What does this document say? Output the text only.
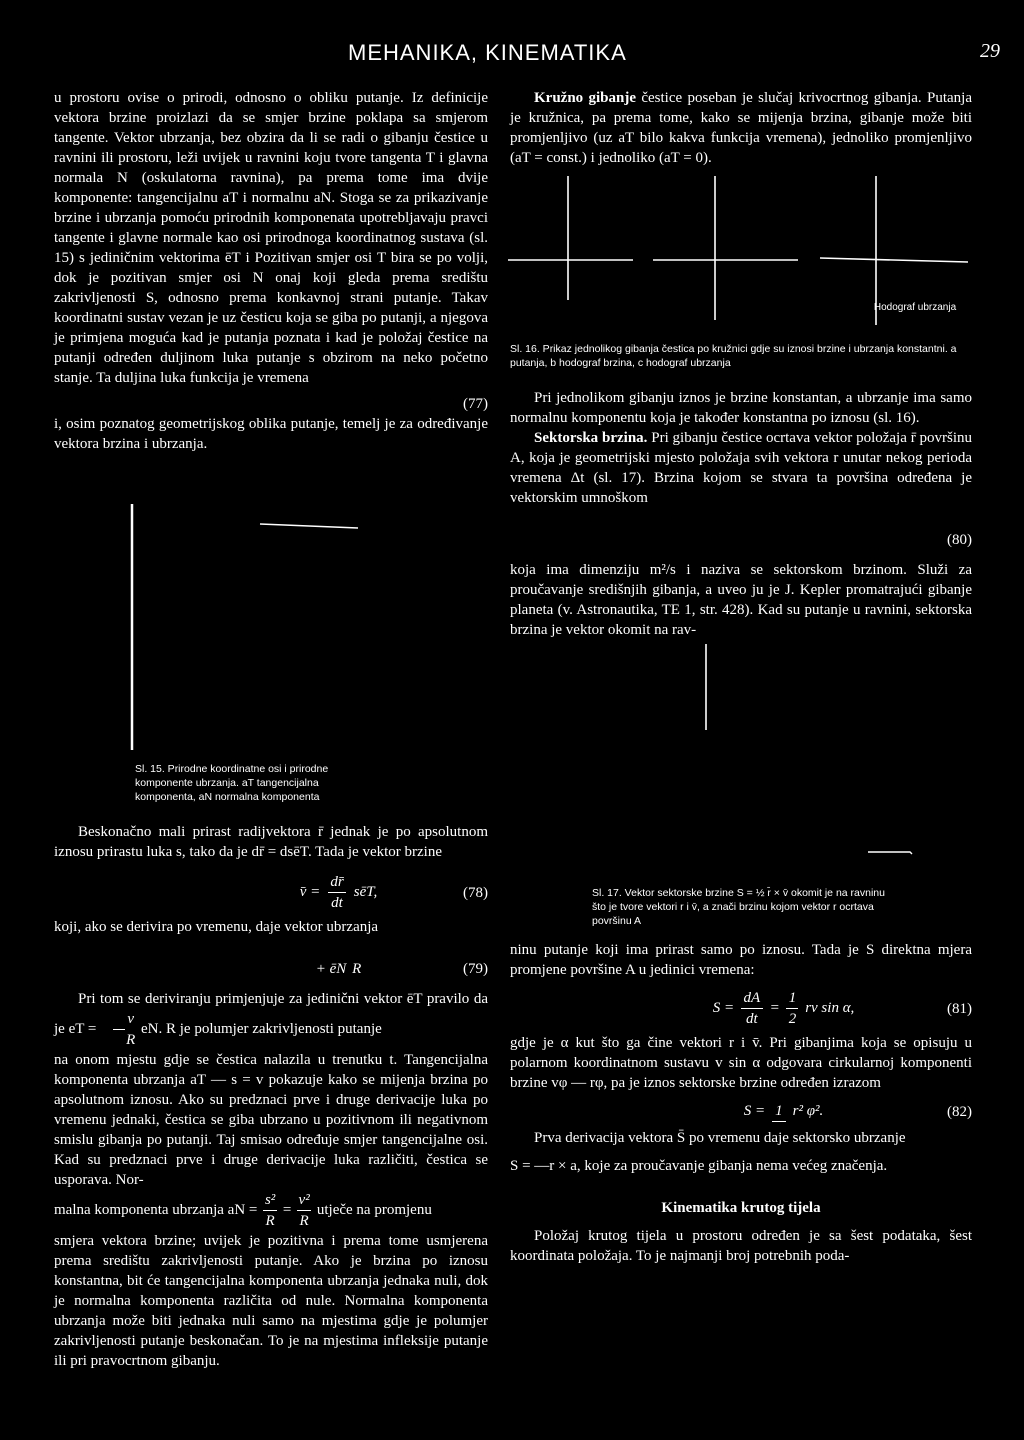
MEHANIKA, KINEMATIKA	29

u prostoru ovise o prirodi, odnosno o obliku putanje. Iz definicije vektora brzine proizlazi da se smjer brzine poklapa sa smjerom tangente. Vektor ubrzanja, bez obzira da li se radi o gibanju čestice u ravnini ili prostoru, leži uvijek u ravnini koju tvore tangenta T i glavna normala N (oskulatorna ravnina), pa prema tome ima dvije komponente: tangencijalnu aT i normalnu aN. Stoga se za prikazivanje brzine i ubrzanja pomoću prirodnih komponenata upotrebljavaju pravci tangente i glavne normale kao osi prirodnoga koordinatnog sustava (sl. 15) s jediničnim vektorima ēT i Pozitivan smjer osi T bira se po volji, dok je pozitivan smjer osi N onaj koji gleda prema središtu zakrivljenosti S, odnosno prema konkavnoj strani putanje. Takav koordinatni sustav vezan je uz česticu koja se giba po putanji, a njegova je primjena moguća kad je putanja poznata i kad je položaj čestice na putanji određen duljinom luka putanje s obzirom na neko početno stanje. Ta duljina luka funkcija je vremena

(77)

i, osim poznatog geometrijskog oblika putanje, temelj je za određivanje vektora brzina i ubrzanja.

Sl. 15. Prirodne koordinatne osi i prirodne komponente ubrzanja. aT tangencijalna komponenta, aN normalna komponenta

Beskonačno mali prirast radijvektora r̄ jednak je po apsolutnom iznosu prirastu luka s, tako da je dr̄ = dsēT. Tada je vektor brzine

v̄ = $\frac{dr̄}{dt}$ sēT,	(78)

koji, ako se derivira po vremenu, daje vektor ubrzanja

+ ēN R	(79)

Pri tom se deriviranju primjenjuje za jedinični vektor ēT pravilo da je eT = $\frac{v}{R}$ eN. R je polumjer zakrivljenosti putanje

na onom mjestu gdje se čestica nalazila u trenutku t. Tangencijalna komponenta ubrzanja aT — s = v pokazuje kako se mijenja brzina po apsolutnom iznosu. Ako su predznaci prve i druge derivacije luka po vremenu jednaki, čestica se giba ubrzano u pozitivnom ili negativnom smislu gibanja po putanji. Taj smisao određuje smjer tangencijalne osi. Kad su predznaci prve i druge derivacije luka različiti, čestica se usporava. Nor-

malna komponenta ubrzanja aN = $\frac{\text{s²}}{R} = \frac{\text{v²}}{R}$ utječe na promjenu

smjera vektora brzine; uvijek je pozitivna i prema tome usmjerena prema središtu zakrivljenosti putanje. Ako je brzina po iznosu konstantna, bit će tangencijalna komponenta ubrzanja jednaka nuli, dok je normalna komponenta različita od nule. Normalna komponenta ubrzanja može biti jednaka nuli samo na mjestima gdje je polumjer zakrivljenosti putanje beskonačan. To je na mjestima infleksije putanje ili pri pravocrtnom gibanju.

Kružno gibanje čestice poseban je slučaj krivocrtnog gibanja. Putanja je kružnica, pa prema tome, kako se mijenja brzina, gibanje može biti promjenljivo (uz aT bilo kakva funkcija vremena), jednoliko promjenljivo (aT = const.) i jednoliko (aT = 0).

Hodograf ubrzanja
Sl. 16. Prikaz jednolikog gibanja čestica po kružnici gdje su iznosi brzine i ubrzanja konstantni. a putanja, b hodograf brzina, c hodograf ubrzanja

Pri jednolikom gibanju iznos je brzine konstantan, a ubrzanje ima samo normalnu komponentu koja je također konstantna po iznosu (sl. 16).

Sektorska brzina. Pri gibanju čestice ocrtava vektor položaja r̄ površinu A, koja je geometrijski mjesto položaja svih vektora r unutar nekog perioda vremena Δt (sl. 17). Brzina kojom se stvara ta površina određena je vektorskim umnoškom

(80)

koja ima dimenziju m²/s i naziva se sektorskom brzinom. Služi za proučavanje središnjih gibanja, a uveo ju je J. Kepler promatrajući gibanje planeta (v. Astronautika, TE 1, str. 428). Kad su putanje u ravnini, sektorska brzina je vektor okomit na rav-

Sl. 17. Vektor sektorske brzine S = ½ r̄ × v̄ okomit je na ravninu što je tvore vektori r i v̄, a znači brzinu kojom vektor r ocrtava površinu A

ninu putanje koji ima prirast samo po iznosu. Tada je S direktna mjera promjene površine A u jedinici vremena:

$S = \frac{dA}{dt} = \frac{1}{2}$ rv sin α,	(81)

gdje je α kut što ga čine vektori r i v̄. Pri gibanjima koja se opisuju u polarnom koordinatnom sustavu v sin α odgovara cirkularnoj komponenti brzine vφ — rφ, pa je iznos sektorske brzine određen izrazom

S = 1 r² φ².	(82)

Prva derivacija vektora S̄ po vremenu daje sektorsko ubrzanje

S = —r × a, koje za proučavanje gibanja nema većeg značenja.

Kinematika krutog tijela

Položaj krutog tijela u prostoru određen je sa šest podataka, šest koordinata položaja. To je najmanji broj potrebnih poda-
